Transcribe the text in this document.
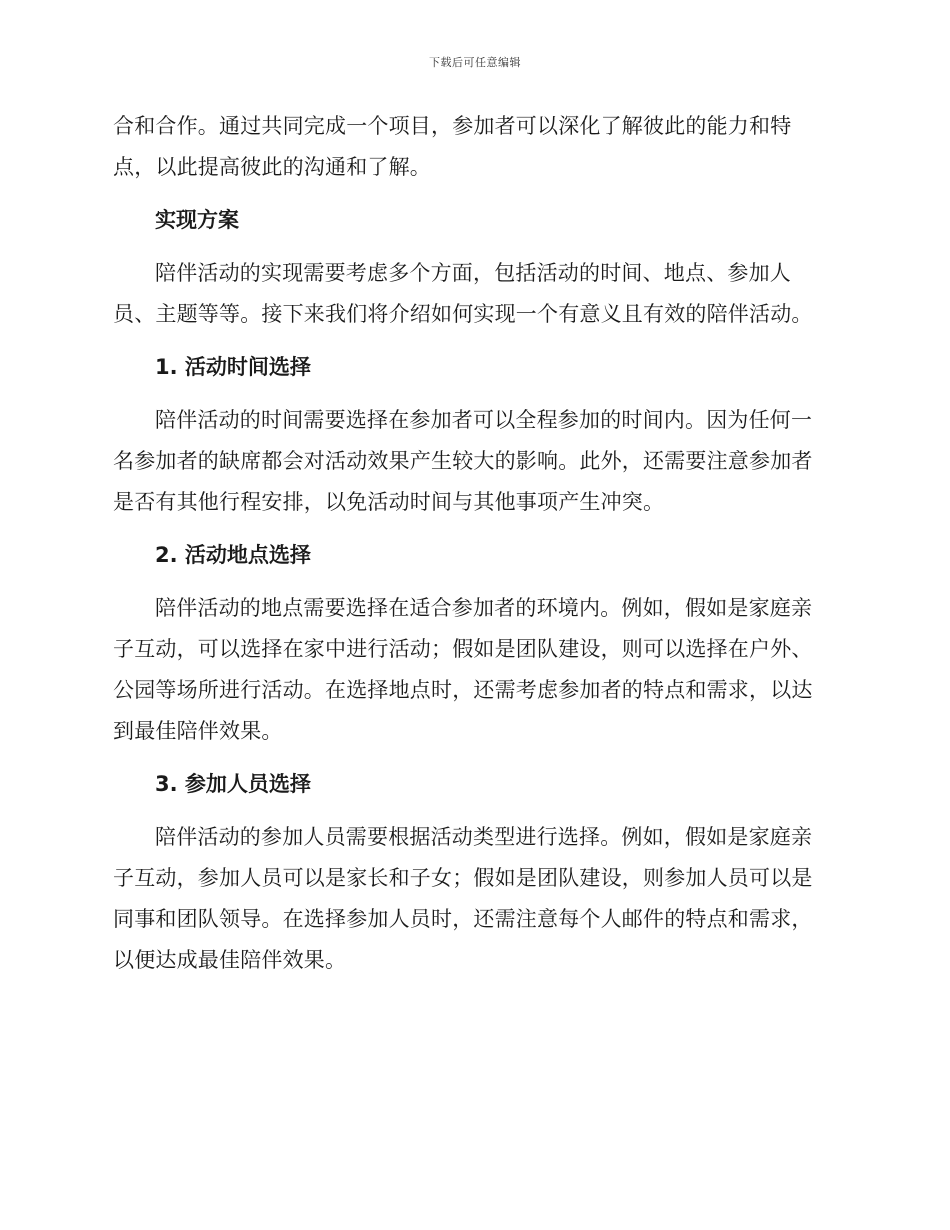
下载后可任意编辑

合和合作。通过共同完成一个项目，参加者可以深化了解彼此的能力和特点，以此提高彼此的沟通和了解。

实现方案

陪伴活动的实现需要考虑多个方面，包括活动的时间、地点、参加人员、主题等等。接下来我们将介绍如何实现一个有意义且有效的陪伴活动。

1. 活动时间选择

陪伴活动的时间需要选择在参加者可以全程参加的时间内。因为任何一名参加者的缺席都会对活动效果产生较大的影响。此外，还需要注意参加者是否有其他行程安排，以免活动时间与其他事项产生冲突。

2. 活动地点选择

陪伴活动的地点需要选择在适合参加者的环境内。例如，假如是家庭亲子互动，可以选择在家中进行活动；假如是团队建设，则可以选择在户外、公园等场所进行活动。在选择地点时，还需考虑参加者的特点和需求，以达到最佳陪伴效果。

3. 参加人员选择

陪伴活动的参加人员需要根据活动类型进行选择。例如，假如是家庭亲子互动，参加人员可以是家长和子女；假如是团队建设，则参加人员可以是同事和团队领导。在选择参加人员时，还需注意每个人邮件的特点和需求，以便达成最佳陪伴效果。
